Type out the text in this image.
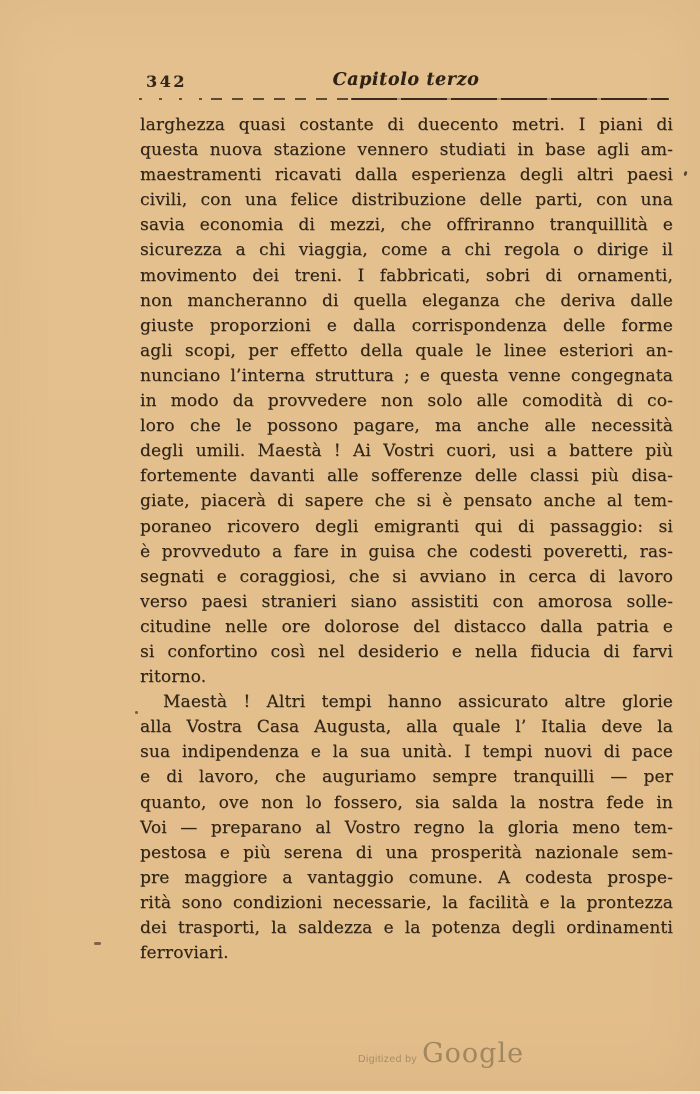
342	Capitolo terzo
larghezza quasi costante di duecento metri. I piani di
questa nuova stazione vennero studiati in base agli am-
maestramenti ricavati dalla esperienza degli altri paesi
civili, con una felice distribuzione delle parti, con una
savia economia di mezzi, che offriranno tranquillità e
sicurezza a chi viaggia, come a chi regola o dirige il
movimento dei treni. I fabbricati, sobri di ornamenti,
non mancheranno di quella eleganza che deriva dalle
giuste proporzioni e dalla corrispondenza delle forme
agli scopi, per effetto della quale le linee esteriori an-
nunciano l’interna struttura ; e questa venne congegnata
in modo da provvedere non solo alle comodità di co-
loro che le possono pagare, ma anche alle necessità
degli umili. Maestà ! Ai Vostri cuori, usi a battere più
fortemente davanti alle sofferenze delle classi più disa-
giate, piacerà di sapere che si è pensato anche al tem-
poraneo ricovero degli emigranti qui di passaggio: si
è provveduto a fare in guisa che codesti poveretti, ras-
segnati e coraggiosi, che si avviano in cerca di lavoro
verso paesi stranieri siano assistiti con amorosa solle-
citudine nelle ore dolorose del distacco dalla patria e
si confortino così nel desiderio e nella fiducia di farvi
ritorno.
Maestà ! Altri tempi hanno assicurato altre glorie
alla Vostra Casa Augusta, alla quale l’ Italia deve la
sua indipendenza e la sua unità. I tempi nuovi di pace
e di lavoro, che auguriamo sempre tranquilli — per
quanto, ove non lo fossero, sia salda la nostra fede in
Voi — preparano al Vostro regno la gloria meno tem-
pestosa e più serena di una prosperità nazionale sem-
pre maggiore a vantaggio comune. A codesta prospe-
rità sono condizioni necessarie, la facilità e la prontezza
dei trasporti, la saldezza e la potenza degli ordinamenti
ferroviari.
Digitized by Google
